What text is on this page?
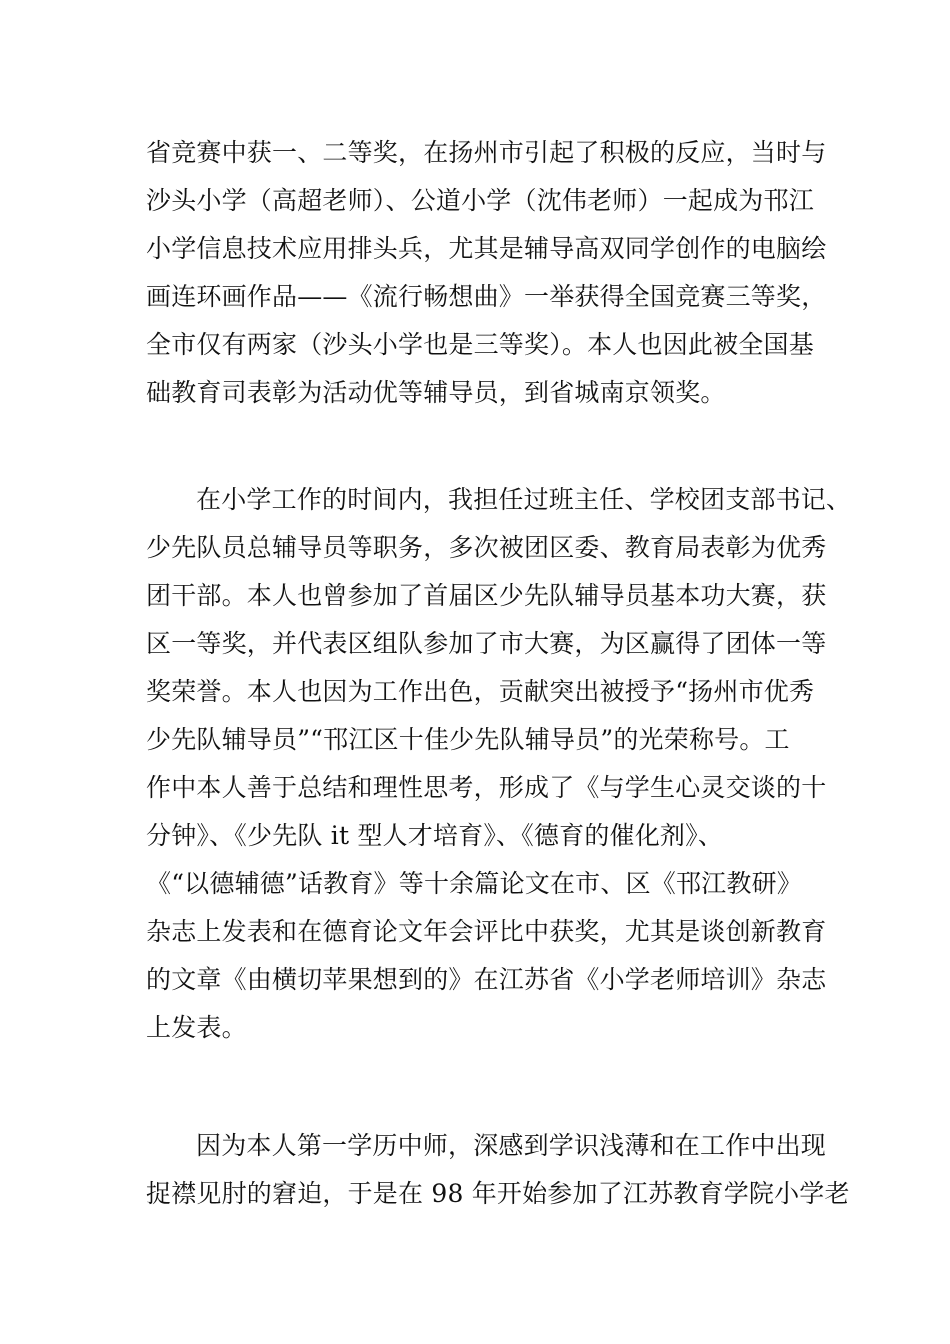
省竞赛中获一、二等奖，在扬州市引起了积极的反应，当时与
沙头小学（高超老师）、公道小学（沈伟老师）一起成为邗江
小学信息技术应用排头兵，尤其是辅导高双同学创作的电脑绘
画连环画作品——《流行畅想曲》一举获得全国竞赛三等奖，
全市仅有两家（沙头小学也是三等奖）。本人也因此被全国基
础教育司表彰为活动优等辅导员，到省城南京领奖。
在小学工作的时间内，我担任过班主任、学校团支部书记、
少先队员总辅导员等职务，多次被团区委、教育局表彰为优秀
团干部。本人也曾参加了首届区少先队辅导员基本功大赛，获
区一等奖，并代表区组队参加了市大赛，为区赢得了团体一等
奖荣誉。本人也因为工作出色，贡献突出被授予“扬州市优秀
少先队辅导员”“邗江区十佳少先队辅导员”的光荣称号。工
作中本人善于总结和理性思考，形成了《与学生心灵交谈的十
分钟》、《少先队 it 型人才培育》、《德育的催化剂》、
《“以德辅德”话教育》等十余篇论文在市、区《邗江教研》
杂志上发表和在德育论文年会评比中获奖，尤其是谈创新教育
的文章《由横切苹果想到的》在江苏省《小学老师培训》杂志
上发表。
因为本人第一学历中师，深感到学识浅薄和在工作中出现
捉襟见肘的窘迫，于是在 98 年开始参加了江苏教育学院小学老
